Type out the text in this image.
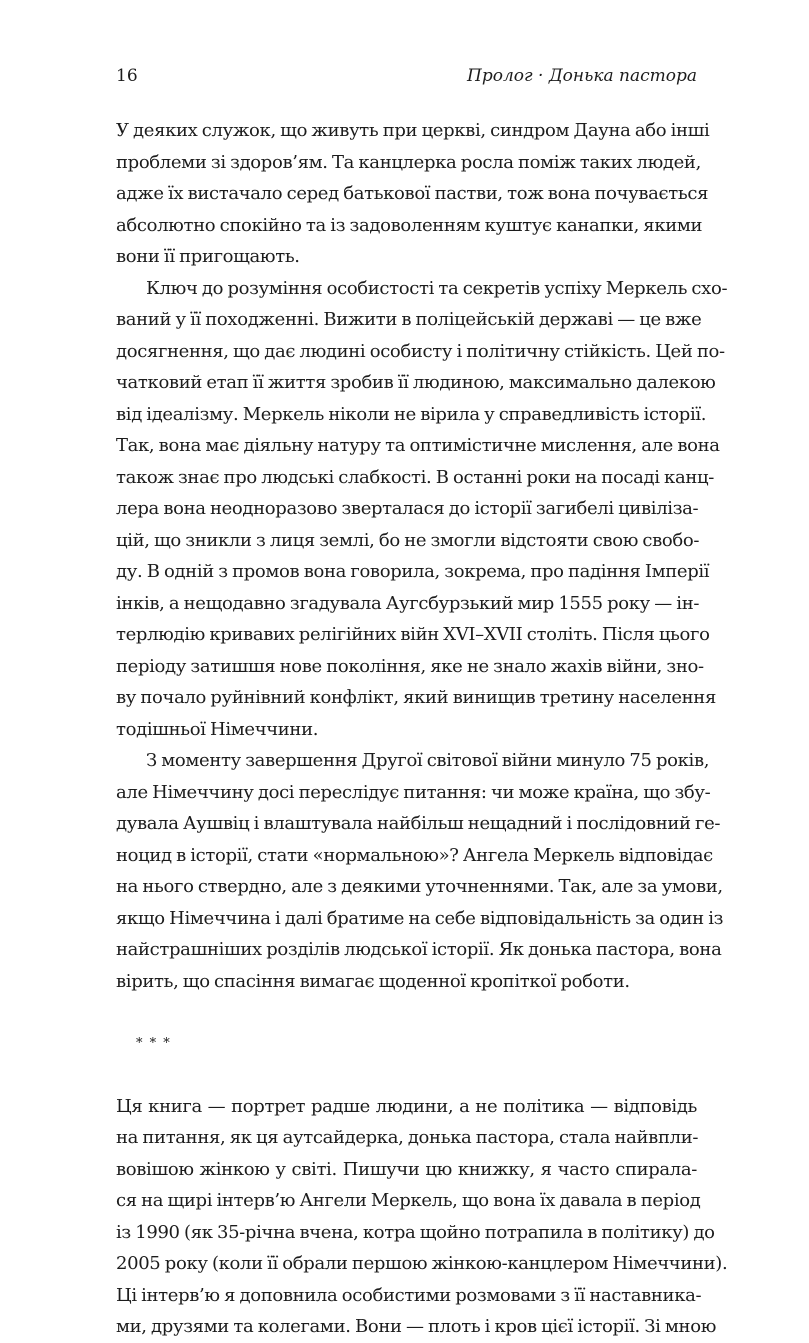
16	Пролог · Донька пастора
У деяких служок, що живуть при церкві, синдром Дауна або інші
проблеми зі здоров’ям. Та канцлерка росла поміж таких людей,
адже їх вистачало серед батькової пастви, тож вона почувається
абсолютно спокійно та із задоволенням куштує канапки, якими
вони її пригощають.
Ключ до розуміння особистості та секретів успіху Меркель схо-
ваний у її походженні. Вижити в поліцейській державі — це вже
досягнення, що дає людині особисту і політичну стійкість. Цей по-
чатковий етап її життя зробив її людиною, максимально далекою
від ідеалізму. Меркель ніколи не вірила у справедливість історії.
Так, вона має діяльну натуру та оптимістичне мислення, але вона
також знає про людські слабкості. В останні роки на посаді канц-
лера вона неодноразово зверталася до історії загибелі цивіліза-
цій, що зникли з лиця землі, бо не змогли відстояти свою свобо-
ду. В одній з промов вона говорила, зокрема, про падіння Імперії
інків, а нещодавно згадувала Аугсбурзький мир 1555 року — ін-
терлюдію кривавих релігійних війн XVI–XVII століть. Після цього
періоду затишшя нове покоління, яке не знало жахів війни, зно-
ву почало руйнівний конфлікт, який винищив третину населення
тодішньої Німеччини.
З моменту завершення Другої світової війни минуло 75 років,
але Німеччину досі переслідує питання: чи може країна, що збу-
дувала Аушвіц і влаштувала найбільш нещадний і послідовний ге-
ноцид в історії, стати «нормальною»? Ангела Меркель відповідає
на нього ствердно, але з деякими уточненнями. Так, але за умови,
якщо Німеччина і далі братиме на себе відповідальність за один із
найстрашніших розділів людської історії. Як донька пастора, вона
вірить, що спасіння вимагає щоденної кропіткої роботи.
* * *
Ця книга — портрет радше людини, а не політика — відповідь
на питання, як ця аутсайдерка, донька пастора, стала найвпли-
вовішою жінкою у світі. Пишучи цю книжку, я часто спирала-
ся на щирі інтерв’ю Ангели Меркель, що вона їх давала в період
із 1990 (як 35-річна вчена, котра щойно потрапила в політику) до
2005 року (коли її обрали першою жінкою-канцлером Німеччини).
Ці інтерв’ю я доповнила особистими розмовами з її наставника-
ми, друзями та колегами. Вони — плоть і кров цієї історії. Зі мною
